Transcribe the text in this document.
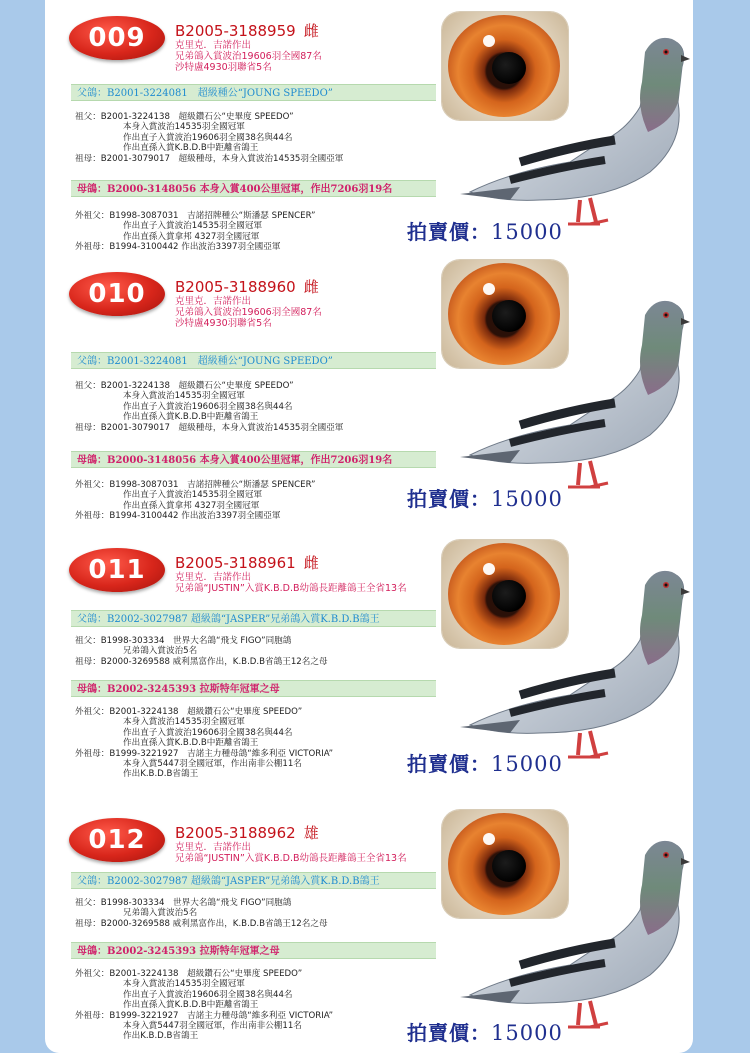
009	B2005-3188959 雌
克里克．吉諾作出
兄弟鴿入賞波治19606羽全國87名
沙特盧4930羽聯省5名
父鴿：B2001-3224081　超級種公“JOUNG SPEEDO”
祖父：B2001-3224138　超級鑽石公“史畢度 SPEEDO”
本身入賞波治14535羽全國冠軍
作出直子入賞波治19606羽全國38名與44名
作出直孫入賞K.B.D.B中距離省鴿王
祖母：B2001-3079017　超級種母，本身入賞波治14535羽全國亞軍
母鴿：B2000-3148056 本身入賞400公里冠軍，作出7206羽19名
外祖父：B1998-3087031　吉諾招牌種公“斯潘瑟 SPENCER”
作出直子入賞波治14535羽全國冠軍
作出直孫入賞拿邦 4327羽全國冠軍
外祖母：B1994-3100442 作出波治3397羽全國亞軍
拍賣價：15000
010	B2005-3188960 雌
克里克．吉諾作出
兄弟鴿入賞波治19606羽全國87名
沙特盧4930羽聯省5名
父鴿：B2001-3224081　超級種公“JOUNG SPEEDO”
祖父：B2001-3224138　超級鑽石公“史畢度 SPEEDO”
本身入賞波治14535羽全國冠軍
作出直子入賞波治19606羽全國38名與44名
作出直孫入賞K.B.D.B中距離省鴿王
祖母：B2001-3079017　超級種母，本身入賞波治14535羽全國亞軍
母鴿：B2000-3148056 本身入賞400公里冠軍，作出7206羽19名
外祖父：B1998-3087031　吉諾招牌種公“斯潘瑟 SPENCER”
作出直子入賞波治14535羽全國冠軍
作出直孫入賞拿邦 4327羽全國冠軍
外祖母：B1994-3100442 作出波治3397羽全國亞軍
拍賣價：15000
011	B2005-3188961 雌
克里克．吉諾作出
兄弟鴿“JUSTIN”入賞K.B.D.B幼鴿長距離鴿王全省13名
父鴿：B2002-3027987 超級鴿“JASPER”兄弟鴿入賞K.B.D.B鴿王
祖父：B1998-303334　世界大名鴿“飛戈 FIGO”同胞鴿
兄弟鴿入賞波治5名
祖母：B2000-3269588 威利黑富作出，K.B.D.B省鴿王12名之母
母鴿：B2002-3245393 拉斯特年冠軍之母
外祖父：B2001-3224138　超級鑽石公“史畢度 SPEEDO”
本身入賞波治14535羽全國冠軍
作出直子入賞波治19606羽全國38名與44名
作出直孫入賞K.B.D.B中距離省鴿王
外祖母：B1999-3221927　吉諾主力種母鴿“維多利亞 VICTORIA”
本身入賞5447羽全國冠軍，作出南非公棚11名
作出K.B.D.B省鴿王	拍賣價：15000
012	B2005-3188962 雄
克里克．吉諾作出
兄弟鴿“JUSTIN”入賞K.B.D.B幼鴿長距離鴿王全省13名
父鴿：B2002-3027987 超級鴿“JASPER”兄弟鴿入賞K.B.D.B鴿王
祖父：B1998-303334　世界大名鴿“飛戈 FIGO”同胞鴿
兄弟鴿入賞波治5名
祖母：B2000-3269588 威利黑富作出，K.B.D.B省鴿王12名之母
母鴿：B2002-3245393 拉斯特年冠軍之母
外祖父：B2001-3224138　超級鑽石公“史畢度 SPEEDO”
本身入賞波治14535羽全國冠軍
作出直子入賞波治19606羽全國38名與44名
作出直孫入賞K.B.D.B中距離省鴿王
外祖母：B1999-3221927　吉諾主力種母鴿“維多利亞 VICTORIA”
本身入賞5447羽全國冠軍，作出南非公棚11名
作出K.B.D.B省鴿王	拍賣價：15000
